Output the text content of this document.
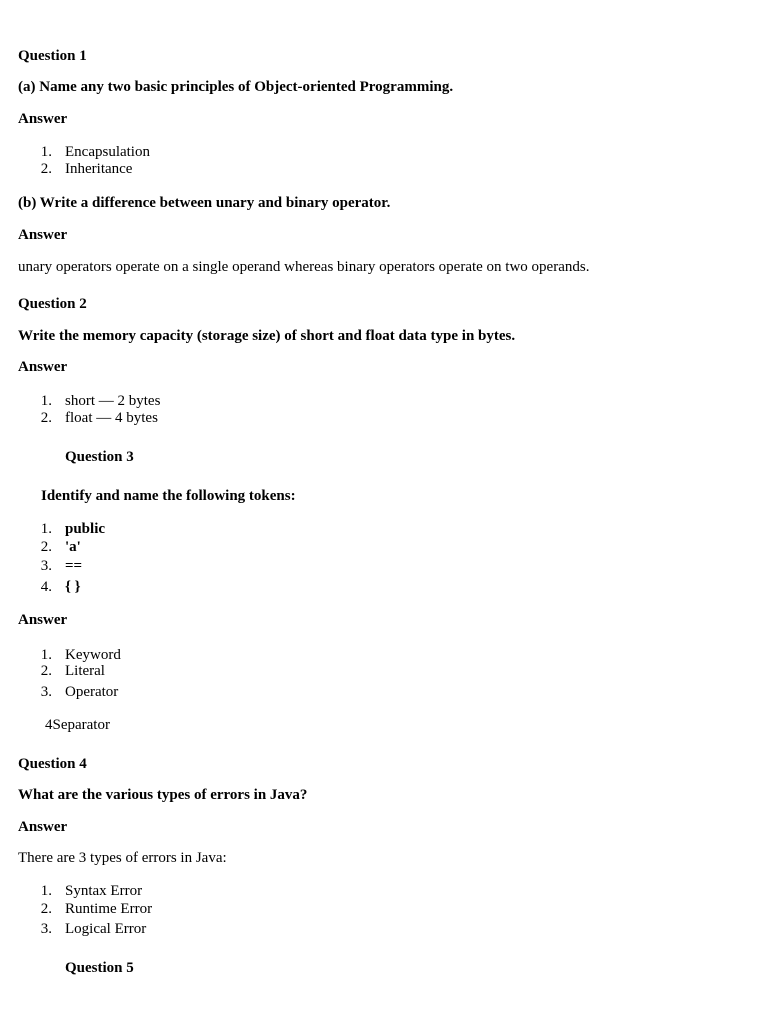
Question 1
(a) Name any two basic principles of Object-oriented Programming.
Answer
1. Encapsulation
2. Inheritance
(b) Write a difference between unary and binary operator.
Answer
unary operators operate on a single operand whereas binary operators operate on two operands.
Question 2
Write the memory capacity (storage size) of short and float data type in bytes.
Answer
1. short — 2 bytes
2. float — 4 bytes
Question 3
Identify and name the following tokens:
1. public
2. 'a'
3. ==
4. { }
Answer
1. Keyword
2. Literal
3. Operator
4Separator
Question 4
What are the various types of errors in Java?
Answer
There are 3 types of errors in Java:
1. Syntax Error
2. Runtime Error
3. Logical Error
Question 5
